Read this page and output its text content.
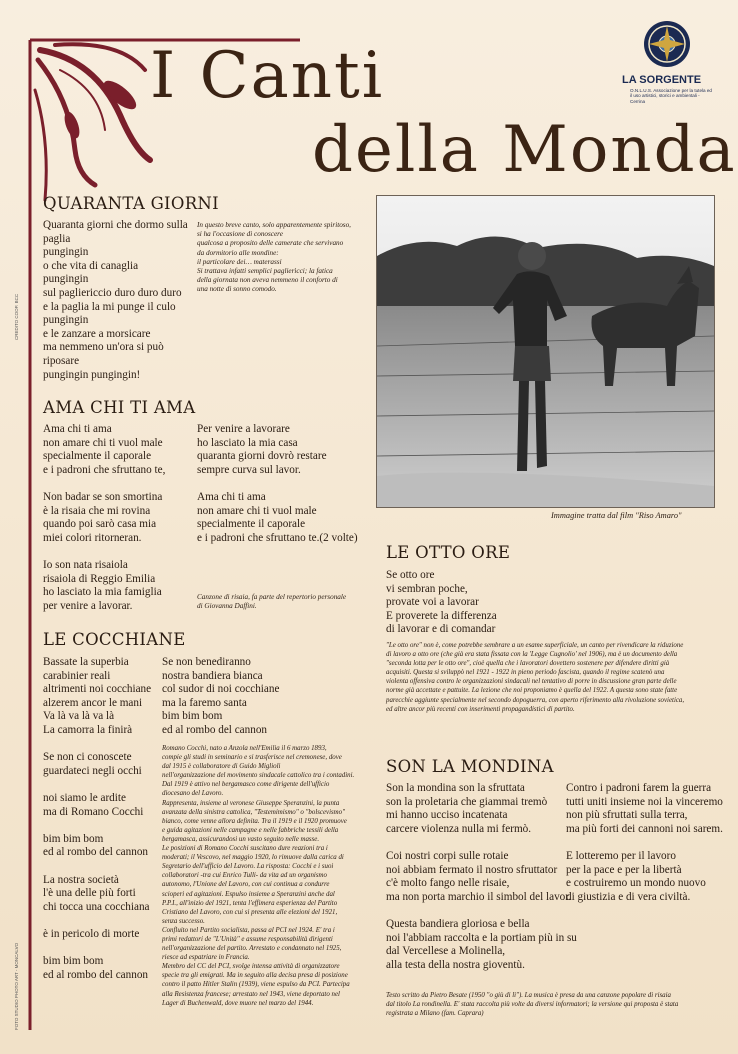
I Canti
della Monda
LA SORGENTE
O.N.L.U.S. Associazione per la tutela ed il uso artistici, storici e ambientali - Cerrina
CREDITO COOP. BCC
FOTO STUDIO PHOTO ART - MONCALVO
QUARANTA GIORNI
Quaranta giorni che dormo sulla
paglia
pungingin
o che vita di canaglia
pungingin
sul pagliericcio duro duro duro
e la paglia la mi punge il culo
pungingin
e le zanzare a morsicare
ma nemmeno un'ora si può
riposare
pungingin pungingin!
In questo breve canto, solo apparentemente spiritoso,
si ha l'occasione di conoscere
qualcosa a proposito delle camerate che servivano
da dormitorio alle mondine:
il particolare dei… materassi
Si trattava infatti semplici paglierìcci; la fatica
della giornata non aveva nemmeno il conforto di
una notte di sonno comodo.
AMA CHI TI AMA
Ama chi ti ama
non amare chi ti vuol male
specialmente il caporale
e i padroni che sfruttano te,
Non badar se son smortina
è la risaia che mi rovina
quando poi sarò casa mia
miei colori ritorneran.
Io son nata risaiola
risaiola di Reggio Emilia
ho lasciato la mia famiglia
per venire a lavorar.
Per venire a lavorare
ho lasciato la mia casa
quaranta giorni dovrò restare
sempre curva sul lavor.
Ama chi ti ama
non amare chi ti vuol male
specialmente il caporale
e i padroni che sfruttano te.(2 volte)
Canzone di risaia, fa parte del repertorio personale
di Giovanna Daffini.
LE COCCHIANE
Bassate la superbia
carabinier reali
altrimenti noi cocchiane
alzerem ancor le mani
Va là va là va là
La camorra la finirà
Se non ci conoscete
guardateci negli occhi
noi siamo le ardite
ma di Romano Cocchi
bim bim bom
ed al rombo del cannon
La nostra società
l'è una delle più forti
chi tocca una cocchiana
è in pericolo di morte
bim bim bom
ed al rombo del cannon
Se non benediranno
nostra bandiera bianca
col sudor di noi cocchiane
ma la faremo santa
bim bim bom
ed al rombo del cannon
Romano Cocchi, nato a Anzola nell'Emilia il 6 marzo 1893,
compie gli studi in seminario e si trasferisce nel cremonese, dove
dal 1915 è collaboratore di Guido Miglioli
nell'organizzazione del movimento sindacale cattolico tra i contadini.
Dal 1919 è attivo nel bergamasco come dirigente dell'ufficio
diocesano del Lavoro.
Rappresenta, insieme al veronese Giuseppe Speranzini, la punta
avanzata della sinistra cattolica, "Testemimismo" o "bolscevismo"
bianco, come venne allora definita. Tra il 1919 e il 1920 promuove
e guida agitazioni nelle campagne e nelle fabbriche tessili della
bergamasca, assicurandosi un vasto seguito nelle masse.
Le posizioni di Romano Cocchi suscitano dure reazioni tra i
moderati; il Vescovo, nel maggio 1920, lo rimuove dalla carica di
Segretario dell'ufficio del Lavoro. La risposta: Cocchi e i suoi
collaboratori -tra cui Enrico Tulli- da vita ad un organismo
autonomo, l'Unione del Lavoro, con cui continua a condurre
scioperi ed agitazioni. Espulso insieme a Speranzini anche dal
P.P.I., all'inizio del 1921, tenta l'effimera esperienza del Partito
Cristiano del Lavoro, con cui si presenta alle elezioni del 1921,
senza successo.
Confluito nel Partito socialista, passa al PCI nel 1924. E' tra i
primi redattori de "L'Unità" e assume responsabilità dirigenti
nell'organizzazione del partito. Arrestato e condannato nel 1925,
riesce ad espatriare in Francia.
Membro del CC del PCI, svolge intensa attività di organizzatore
specie tra gli emigrati. Ma in seguito alla decisa presa di posizione
contro il patto Hitler Stalin (1939), viene espulso da PCI. Partecipa
alla Resistenza francese; arrestato nel 1943, viene deportato nel
Lager di Buchenwald, dove muore nel marzo del 1944.
Immagine tratta dal film "Riso Amaro"
LE OTTO ORE
Se otto ore
vi sembran poche,
provate voi a lavorar
E proverete la differenza
di lavorar e di comandar
"Le otto ore" non è, come potrebbe sembrare a un esame superficiale, un canto per rivendicare la riduzione
di lavoro a otto ore (che già era stata fissata con la 'Legge Cugnolio' nel 1906), ma è un documento della
"seconda lotta per le otto ore", cioè quella che i lavoratori dovettero sostenere per difendere diritti già
acquisiti. Questa si sviluppò nel 1921 - 1922 in pieno periodo fascista, quando il regime scatenò una
violenta offensiva contro le organizzazioni sindacali nel tentativo di porre in discussione gran parte delle
norme già accettate e pattuite. La lezione che noi proponiamo è quella del 1922. A questa sono state fatte
parecchie aggiunte specialmente nel secondo dopoguerra, con aperto riferimento alla rivoluzione sovietica,
ed altre ancor più recenti con inserimenti propagandistici di partito.
SON LA MONDINA
Son la mondina son la sfruttata
son la proletaria che giammai tremò
mi hanno ucciso incatenata
carcere violenza nulla mi fermò.
Coi nostri corpi sulle rotaie
noi abbiam fermato il nostro sfruttator
c'è molto fango nelle risaie,
ma non porta marchio il simbol del lavor.
Questa bandiera gloriosa e bella
noi l'abbiam raccolta e la portiam più in su
dal Vercellese a Molinella,
alla testa della nostra gioventù.
Contro i padroni farem la guerra
tutti uniti insieme noi la vinceremo
non più sfruttati sulla terra,
ma più forti dei cannoni noi sarem.
E lotteremo per il lavoro
per la pace e per la libertà
e costruiremo un mondo nuovo
di giustizia e di vera civiltà.
Testo scritto da Pietro Besate (1950 "o giù di lì"). La musica è presa da una canzone popolare di risaia
dal titolo La rondinella. E' stata raccolta più volte da diversi informatori; la versione qui proposta è stata
registrata a Milano (fam. Caprara)
